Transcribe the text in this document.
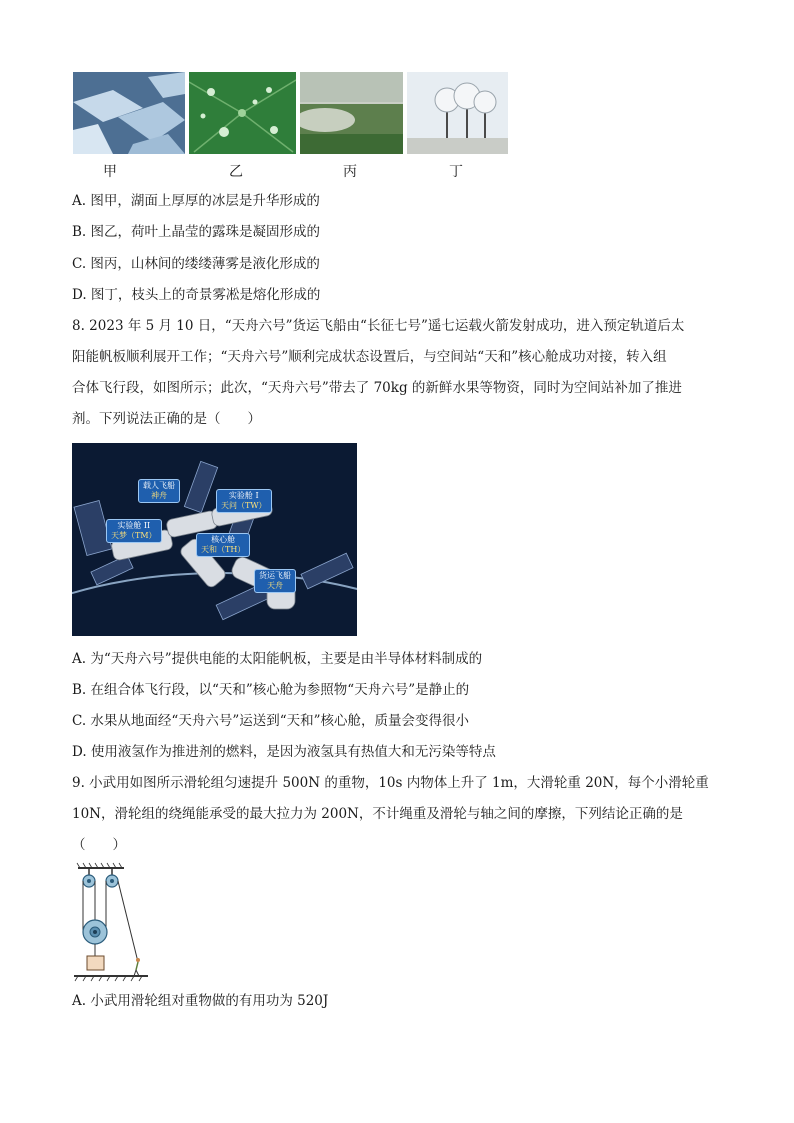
甲	乙	丙	丁
A. 图甲，湖面上厚厚的冰层是升华形成的
B. 图乙，荷叶上晶莹的露珠是凝固形成的
C. 图丙，山林间的缕缕薄雾是液化形成的
D. 图丁，枝头上的奇景雾凇是熔化形成的
8. 2023 年 5 月 10 日，“天舟六号”货运飞船由“长征七号”遥七运载火箭发射成功，进入预定轨道后太
阳能帆板顺利展开工作；“天舟六号”顺利完成状态设置后，与空间站“天和”核心舱成功对接，转入组
合体飞行段，如图所示；此次，“天舟六号”带去了 70kg 的新鲜水果等物资，同时为空间站补加了推进
剂。下列说法正确的是（　　）
载人飞船
神舟	实验舱 I
天问（TW）
实验舱 II
天梦（TM）	核心舱
天和（TH）
货运飞船
天舟
A. 为“天舟六号”提供电能的太阳能帆板，主要是由半导体材料制成的
B. 在组合体飞行段，以“天和”核心舱为参照物“天舟六号”是静止的
C. 水果从地面经“天舟六号”运送到“天和”核心舱，质量会变得很小
D. 使用液氢作为推进剂的燃料，是因为液氢具有热值大和无污染等特点
9. 小武用如图所示滑轮组匀速提升 500N 的重物，10s 内物体上升了 1m，大滑轮重 20N，每个小滑轮重
10N，滑轮组的绕绳能承受的最大拉力为 200N，不计绳重及滑轮与轴之间的摩擦，下列结论正确的是
（　　）
A. 小武用滑轮组对重物做的有用功为 520J
